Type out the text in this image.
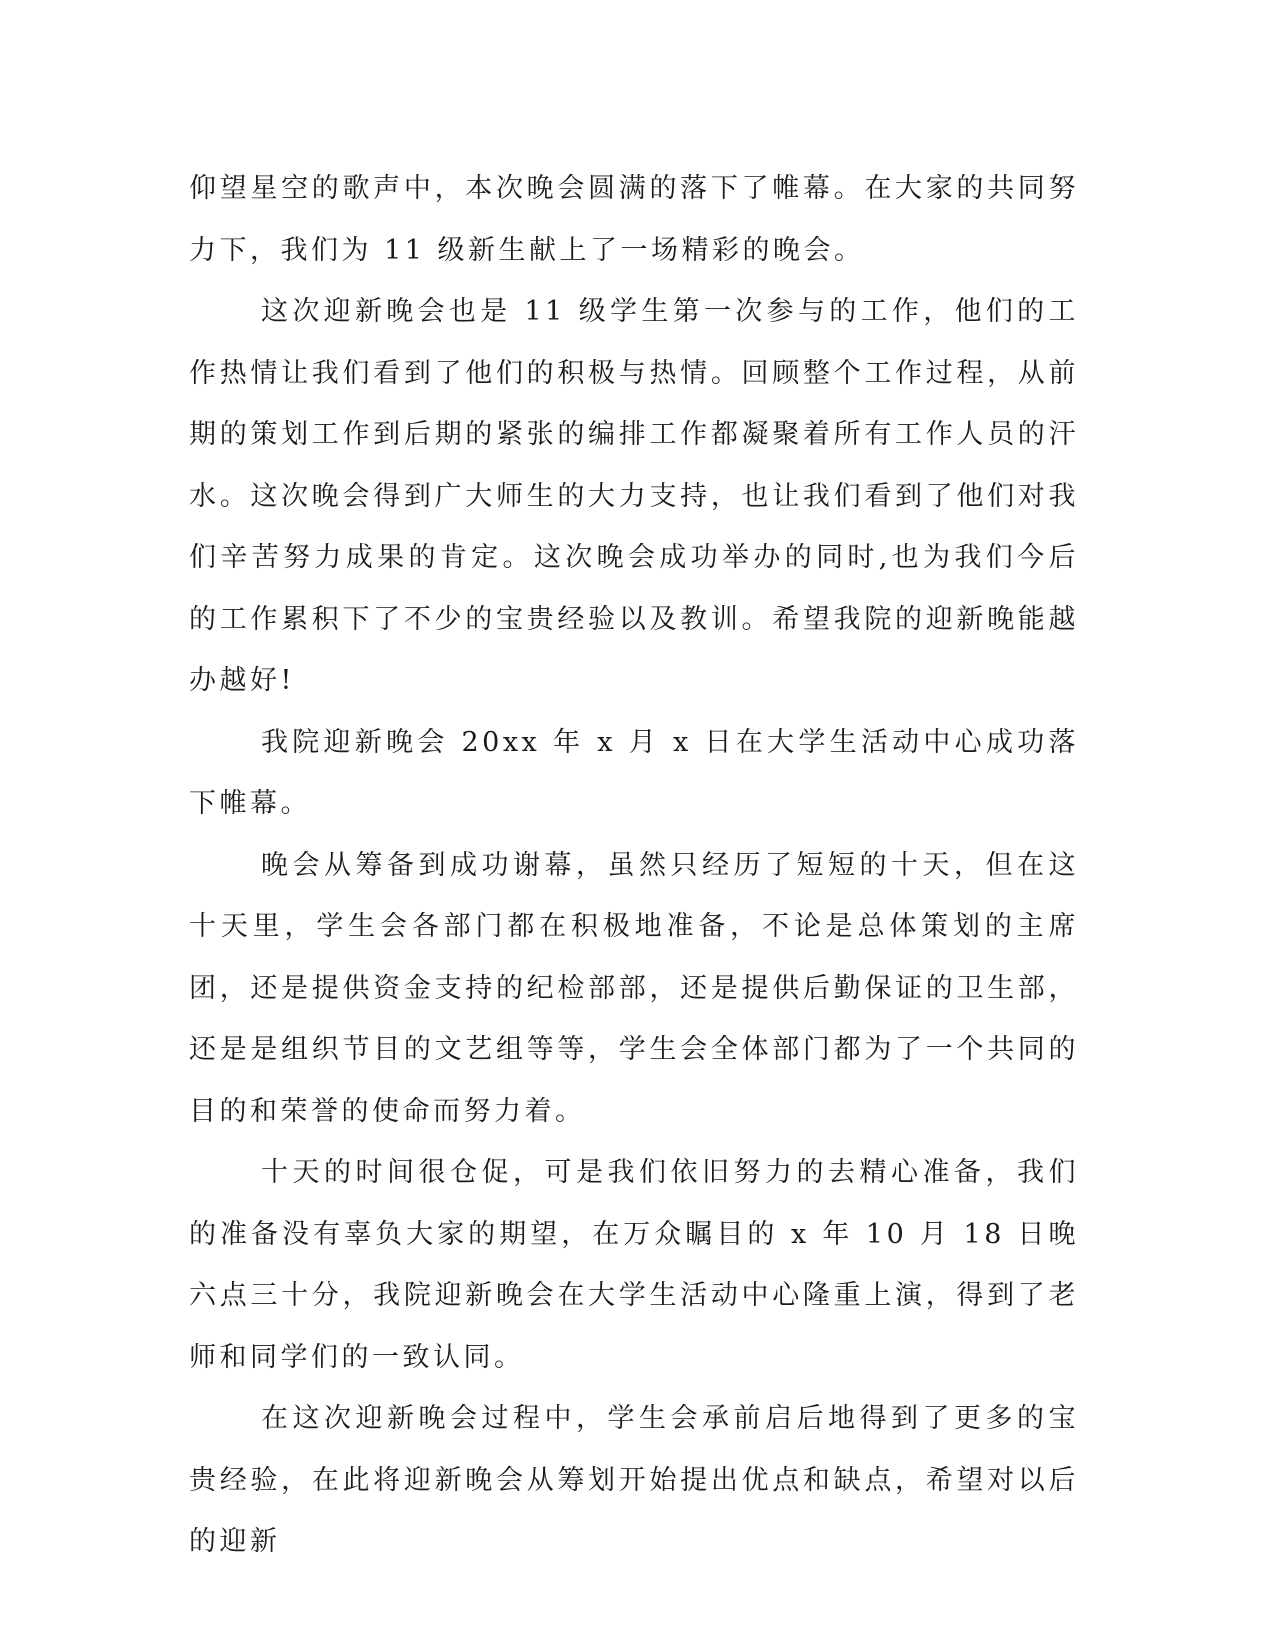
仰望星空的歌声中，本次晚会圆满的落下了帷幕。在大家的共同努力下，我们为 11 级新生献上了一场精彩的晚会。

这次迎新晚会也是 11 级学生第一次参与的工作，他们的工作热情让我们看到了他们的积极与热情。回顾整个工作过程，从前期的策划工作到后期的紧张的编排工作都凝聚着所有工作人员的汗水。这次晚会得到广大师生的大力支持，也让我们看到了他们对我们辛苦努力成果的肯定。这次晚会成功举办的同时,也为我们今后的工作累积下了不少的宝贵经验以及教训。希望我院的迎新晚能越办越好!

我院迎新晚会 20xx 年 x 月 x 日在大学生活动中心成功落下帷幕。

晚会从筹备到成功谢幕，虽然只经历了短短的十天，但在这十天里，学生会各部门都在积极地准备，不论是总体策划的主席团，还是提供资金支持的纪检部部，还是提供后勤保证的卫生部，还是是组织节目的文艺组等等，学生会全体部门都为了一个共同的目的和荣誉的使命而努力着。

十天的时间很仓促，可是我们依旧努力的去精心准备，我们的准备没有辜负大家的期望，在万众瞩目的 x 年 10 月 18 日晚六点三十分，我院迎新晚会在大学生活动中心隆重上演，得到了老师和同学们的一致认同。

在这次迎新晚会过程中，学生会承前启后地得到了更多的宝贵经验，在此将迎新晚会从筹划开始提出优点和缺点，希望对以后的迎新
